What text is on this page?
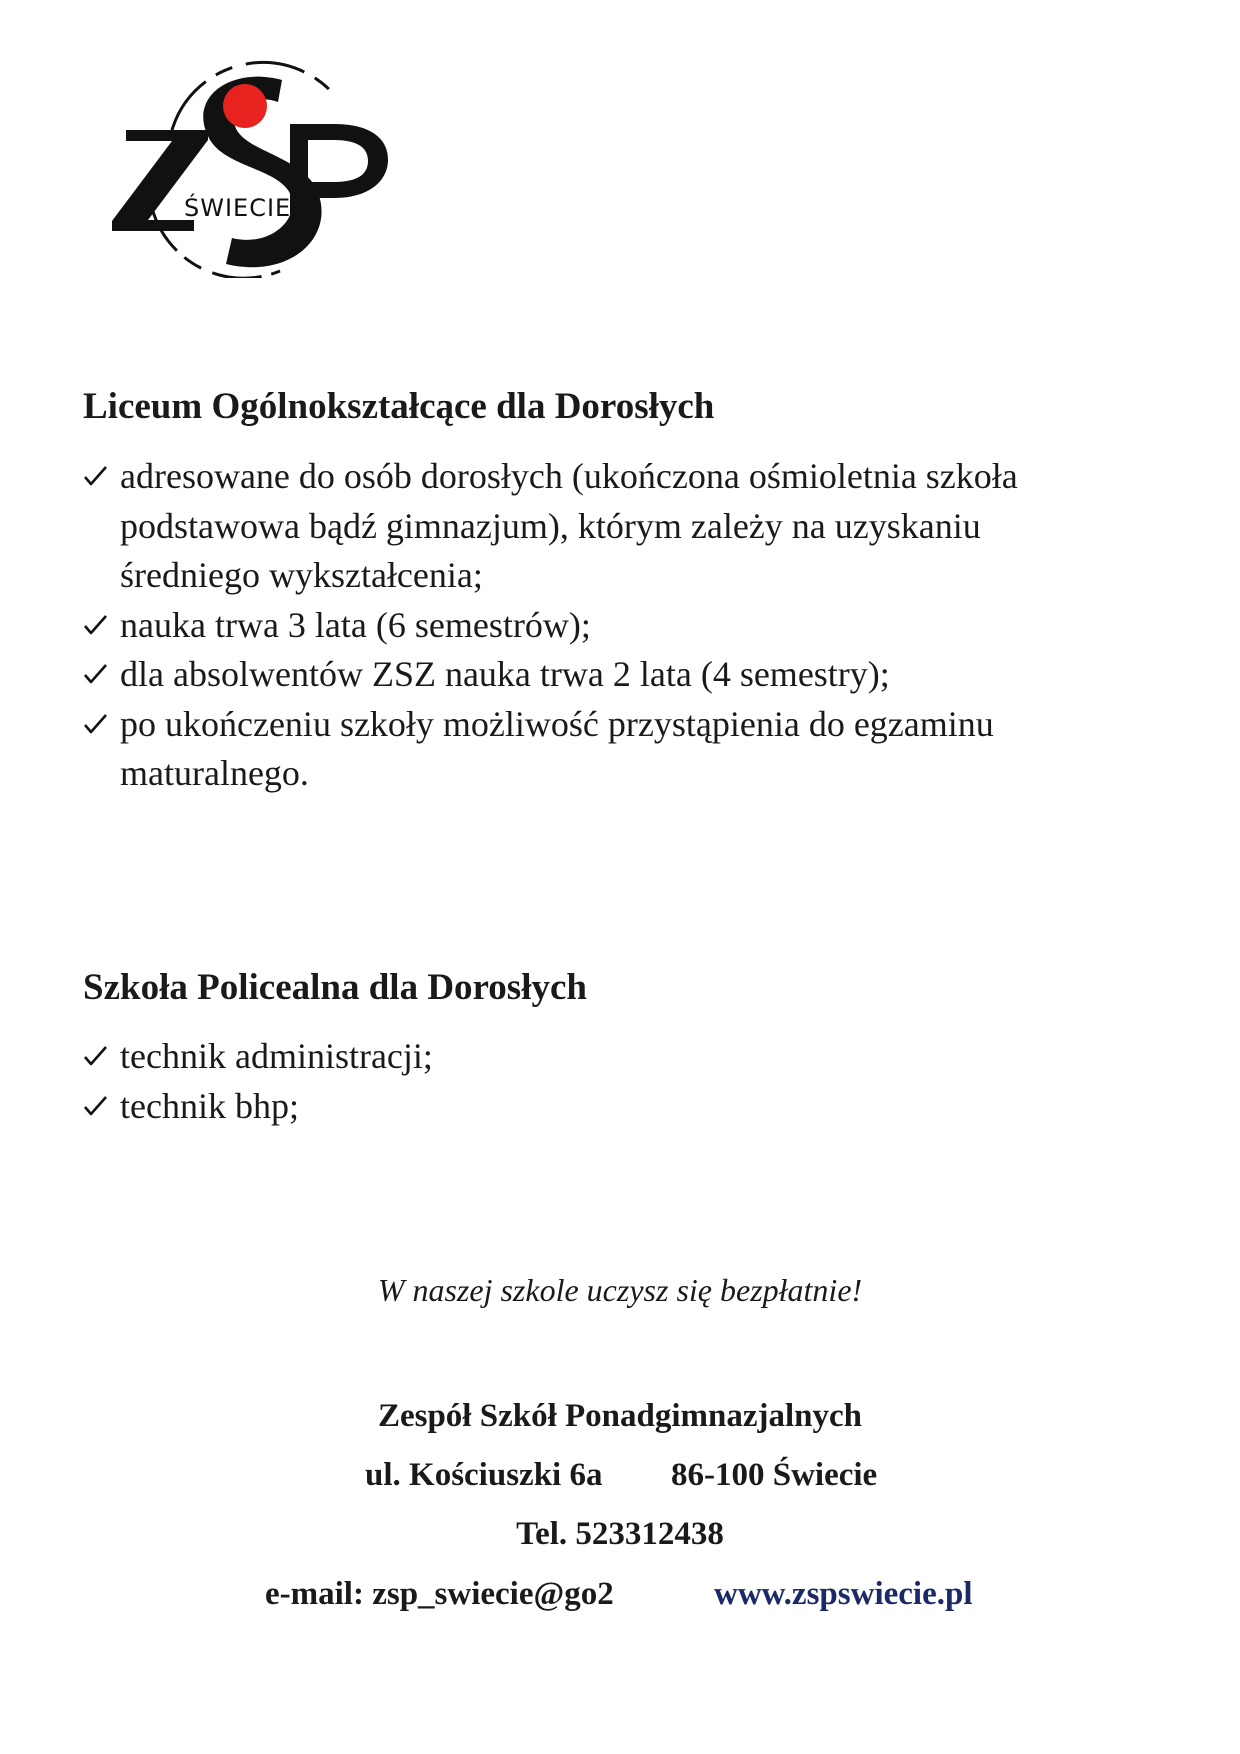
ŚWIECIE
Liceum Ogólnokształcące dla Dorosłych
adresowane do osób dorosłych (ukończona ośmioletnia szkoła podstawowa bądź gimnazjum), którym zależy na uzyskaniu średniego wykształcenia;
nauka trwa 3 lata (6 semestrów);
dla absolwentów ZSZ nauka trwa 2 lata (4 semestry);
po ukończeniu szkoły możliwość przystąpienia do egzaminu maturalnego.
Szkoła Policealna dla Dorosłych
technik administracji;
technik bhp;
W naszej szkole uczysz się bezpłatnie!
Zespół Szkół Ponadgimnazjalnych
ul. Kościuszki 6a 86-100 Świecie
Tel. 523312438
e-mail: zsp_swiecie@go2	www.zspswiecie.pl
